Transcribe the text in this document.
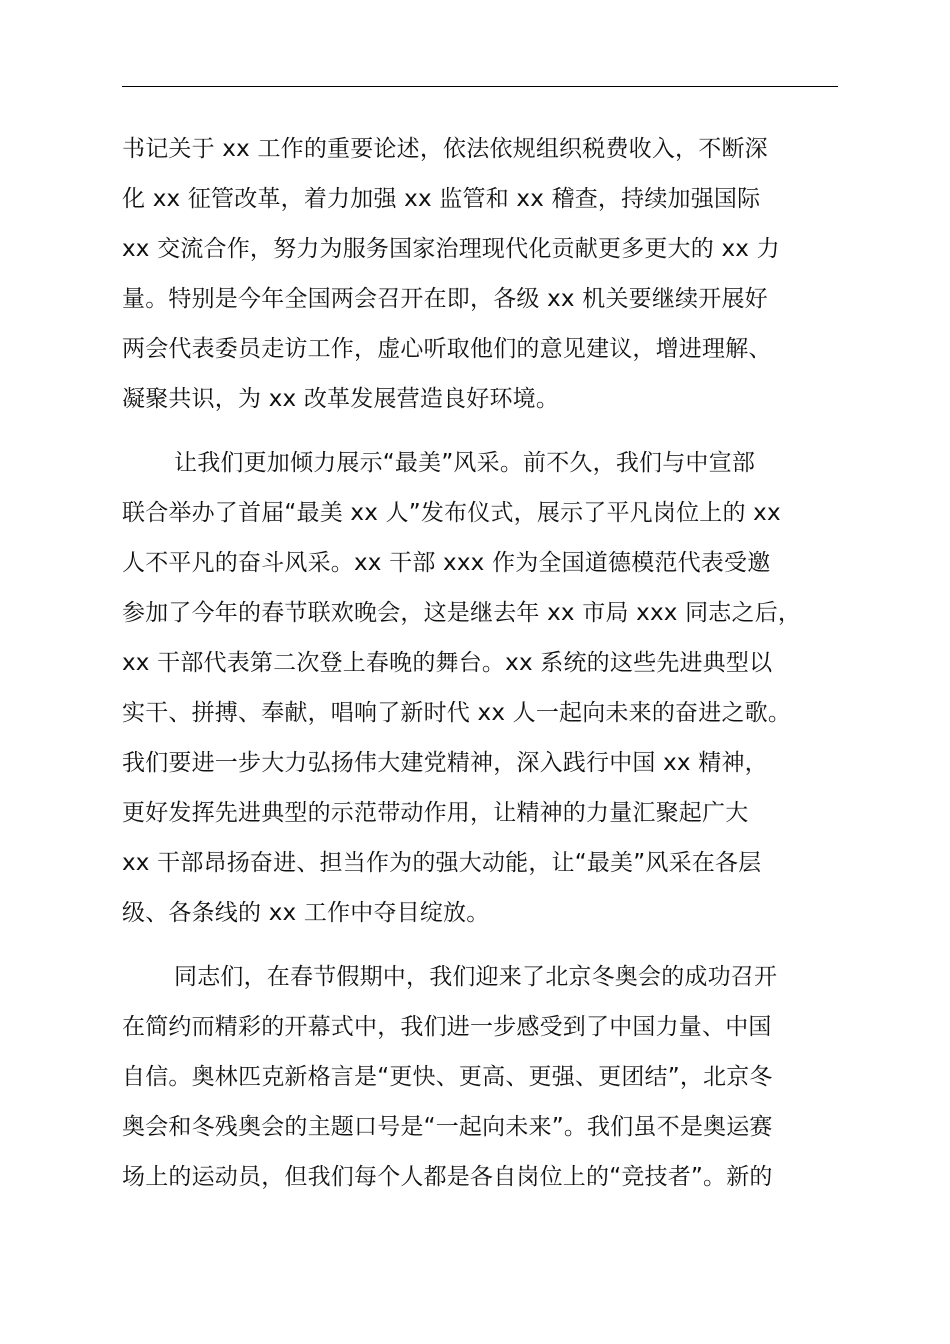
书记关于 xx 工作的重要论述，依法依规组织税费收入，不断深
化 xx 征管改革，着力加强 xx 监管和 xx 稽查，持续加强国际
xx 交流合作，努力为服务国家治理现代化贡献更多更大的 xx 力
量。特别是今年全国两会召开在即，各级 xx 机关要继续开展好
两会代表委员走访工作，虚心听取他们的意见建议，增进理解、
凝聚共识，为 xx 改革发展营造良好环境。
让我们更加倾力展示“最美”风采。前不久，我们与中宣部
联合举办了首届“最美 xx 人”发布仪式，展示了平凡岗位上的 xx
人不平凡的奋斗风采。xx 干部 xxx 作为全国道德模范代表受邀
参加了今年的春节联欢晚会，这是继去年 xx 市局 xxx 同志之后，
xx 干部代表第二次登上春晚的舞台。xx 系统的这些先进典型以
实干、拼搏、奉献，唱响了新时代 xx 人一起向未来的奋进之歌。
我们要进一步大力弘扬伟大建党精神，深入践行中国 xx 精神，
更好发挥先进典型的示范带动作用，让精神的力量汇聚起广大
xx 干部昂扬奋进、担当作为的强大动能，让“最美”风采在各层
级、各条线的 xx 工作中夺目绽放。
同志们，在春节假期中，我们迎来了北京冬奥会的成功召开
在简约而精彩的开幕式中，我们进一步感受到了中国力量、中国
自信。奥林匹克新格言是“更快、更高、更强、更团结”，北京冬
奥会和冬残奥会的主题口号是“一起向未来”。我们虽不是奥运赛
场上的运动员，但我们每个人都是各自岗位上的“竞技者”。新的
